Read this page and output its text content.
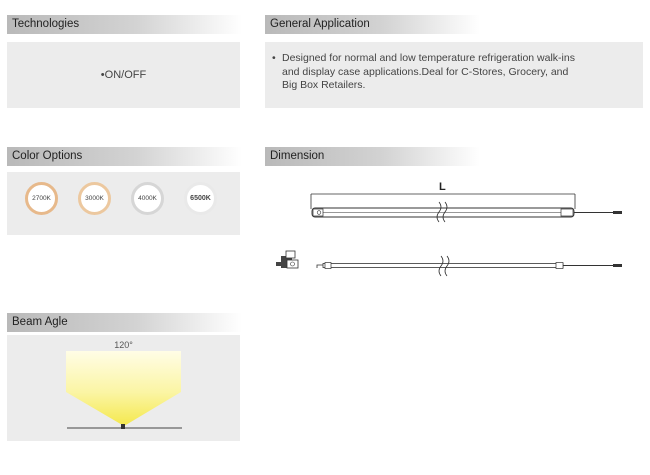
Technologies
•ON/OFF
General Application
• Designed for normal and low temperature refrigeration walk-ins
and display case applications.Deal for C-Stores, Grocery, and
Big Box Retailers.
Color Options
2700K	3000K	4000K	6500K
Dimension
L
Beam Agle
120°
